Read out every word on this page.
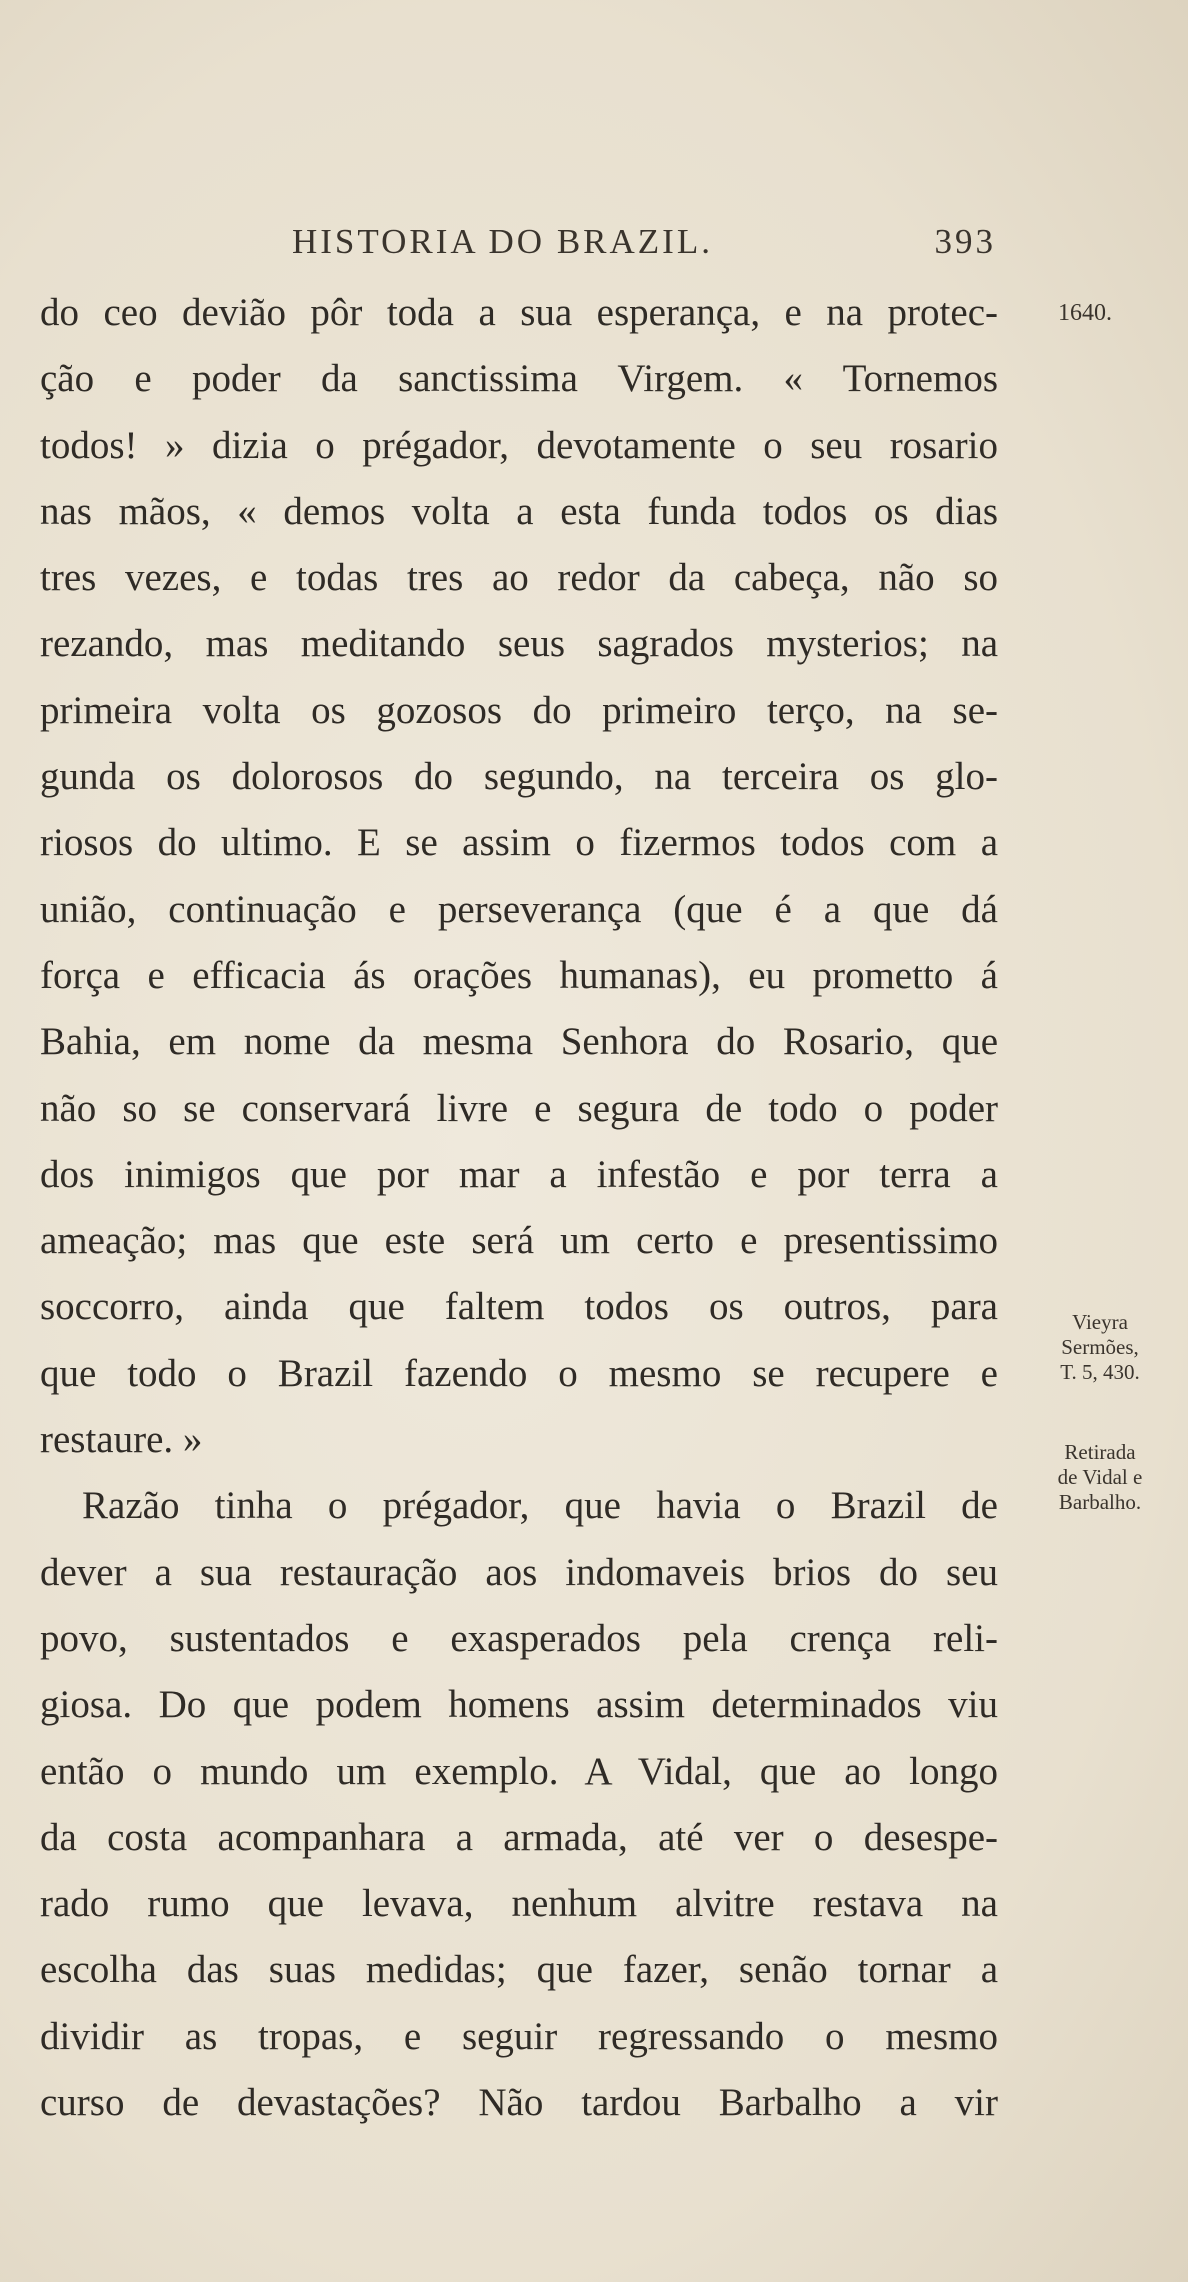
HISTORIA DO BRAZIL.	393
do ceo devião pôr toda a sua esperança, e na protec-
ção e poder da sanctissima Virgem. « Tornemos
todos! » dizia o prégador, devotamente o seu rosario
nas mãos, « demos volta a esta funda todos os dias
tres vezes, e todas tres ao redor da cabeça, não so
rezando, mas meditando seus sagrados mysterios; na
primeira volta os gozosos do primeiro terço, na se-
gunda os dolorosos do segundo, na terceira os glo-
riosos do ultimo. E se assim o fizermos todos com a
união, continuação e perseverança (que é a que dá
força e efficacia ás orações humanas), eu prometto á
Bahia, em nome da mesma Senhora do Rosario, que
não so se conservará livre e segura de todo o poder
dos inimigos que por mar a infestão e por terra a
ameação; mas que este será um certo e presentissimo
soccorro, ainda que faltem todos os outros, para
que todo o Brazil fazendo o mesmo se recupere e
restaure. »
Razão tinha o prégador, que havia o Brazil de
dever a sua restauração aos indomaveis brios do seu
povo, sustentados e exasperados pela crença reli-
giosa. Do que podem homens assim determinados viu
então o mundo um exemplo. A Vidal, que ao longo
da costa acompanhara a armada, até ver o desespe-
rado rumo que levava, nenhum alvitre restava na
escolha das suas medidas; que fazer, senão tornar a
dividir as tropas, e seguir regressando o mesmo
curso de devastações? Não tardou Barbalho a vir
1640.
Vieyra
Sermões,
T. 5, 430.
Retirada
de Vidal e
Barbalho.
